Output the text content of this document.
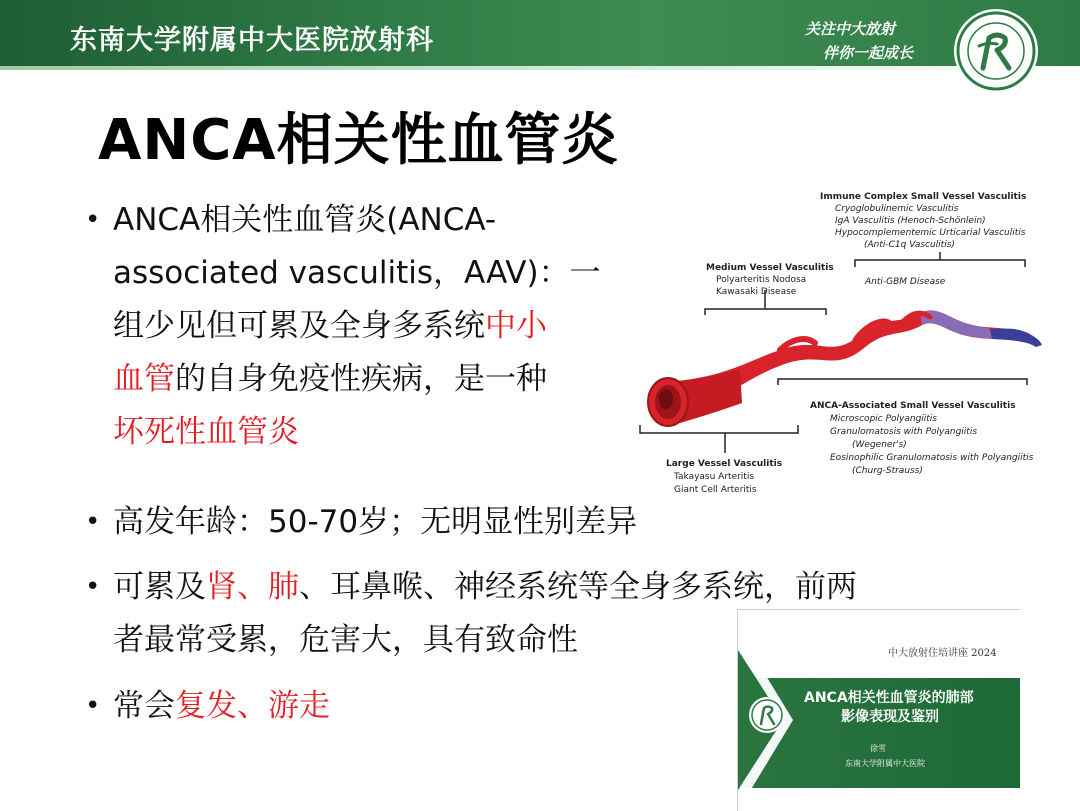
东南大学附属中大医院放射科	关注中大放射
伴你一起成长
ANCA相关性血管炎
• ANCA相关性血管炎(ANCA-
associated vasculitis，AAV)：一
组少见但可累及全身多系统中小
血管的自身免疫性疾病，是一种
坏死性血管炎
Immune Complex Small Vessel Vasculitis
Cryoglobulinemic Vasculitis
IgA Vasculitis (Henoch-Schönlein)
Hypocomplementemic Urticarial Vasculitis
(Anti-C1q Vasculitis)
Medium Vessel Vasculitis
Polyarteritis Nodosa
Kawasaki Disease
Anti-GBM Disease
ANCA-Associated Small Vessel Vasculitis
Microscopic Polyangiitis
Granulomatosis with Polyangiitis
(Wegener's)
Eosinophilic Granulomatosis with Polyangiitis
(Churg-Strauss)
Large Vessel Vasculitis
Takayasu Arteritis
Giant Cell Arteritis
• 高发年龄：50-70岁；无明显性别差异
• 可累及肾、肺、耳鼻喉、神经系统等全身多系统，前两
者最常受累，危害大，具有致命性
• 常会复发、游走
中大放射住培讲座 2024
ANCA相关性血管炎的肺部
影像表现及鉴别
徐雪
东南大学附属中大医院
